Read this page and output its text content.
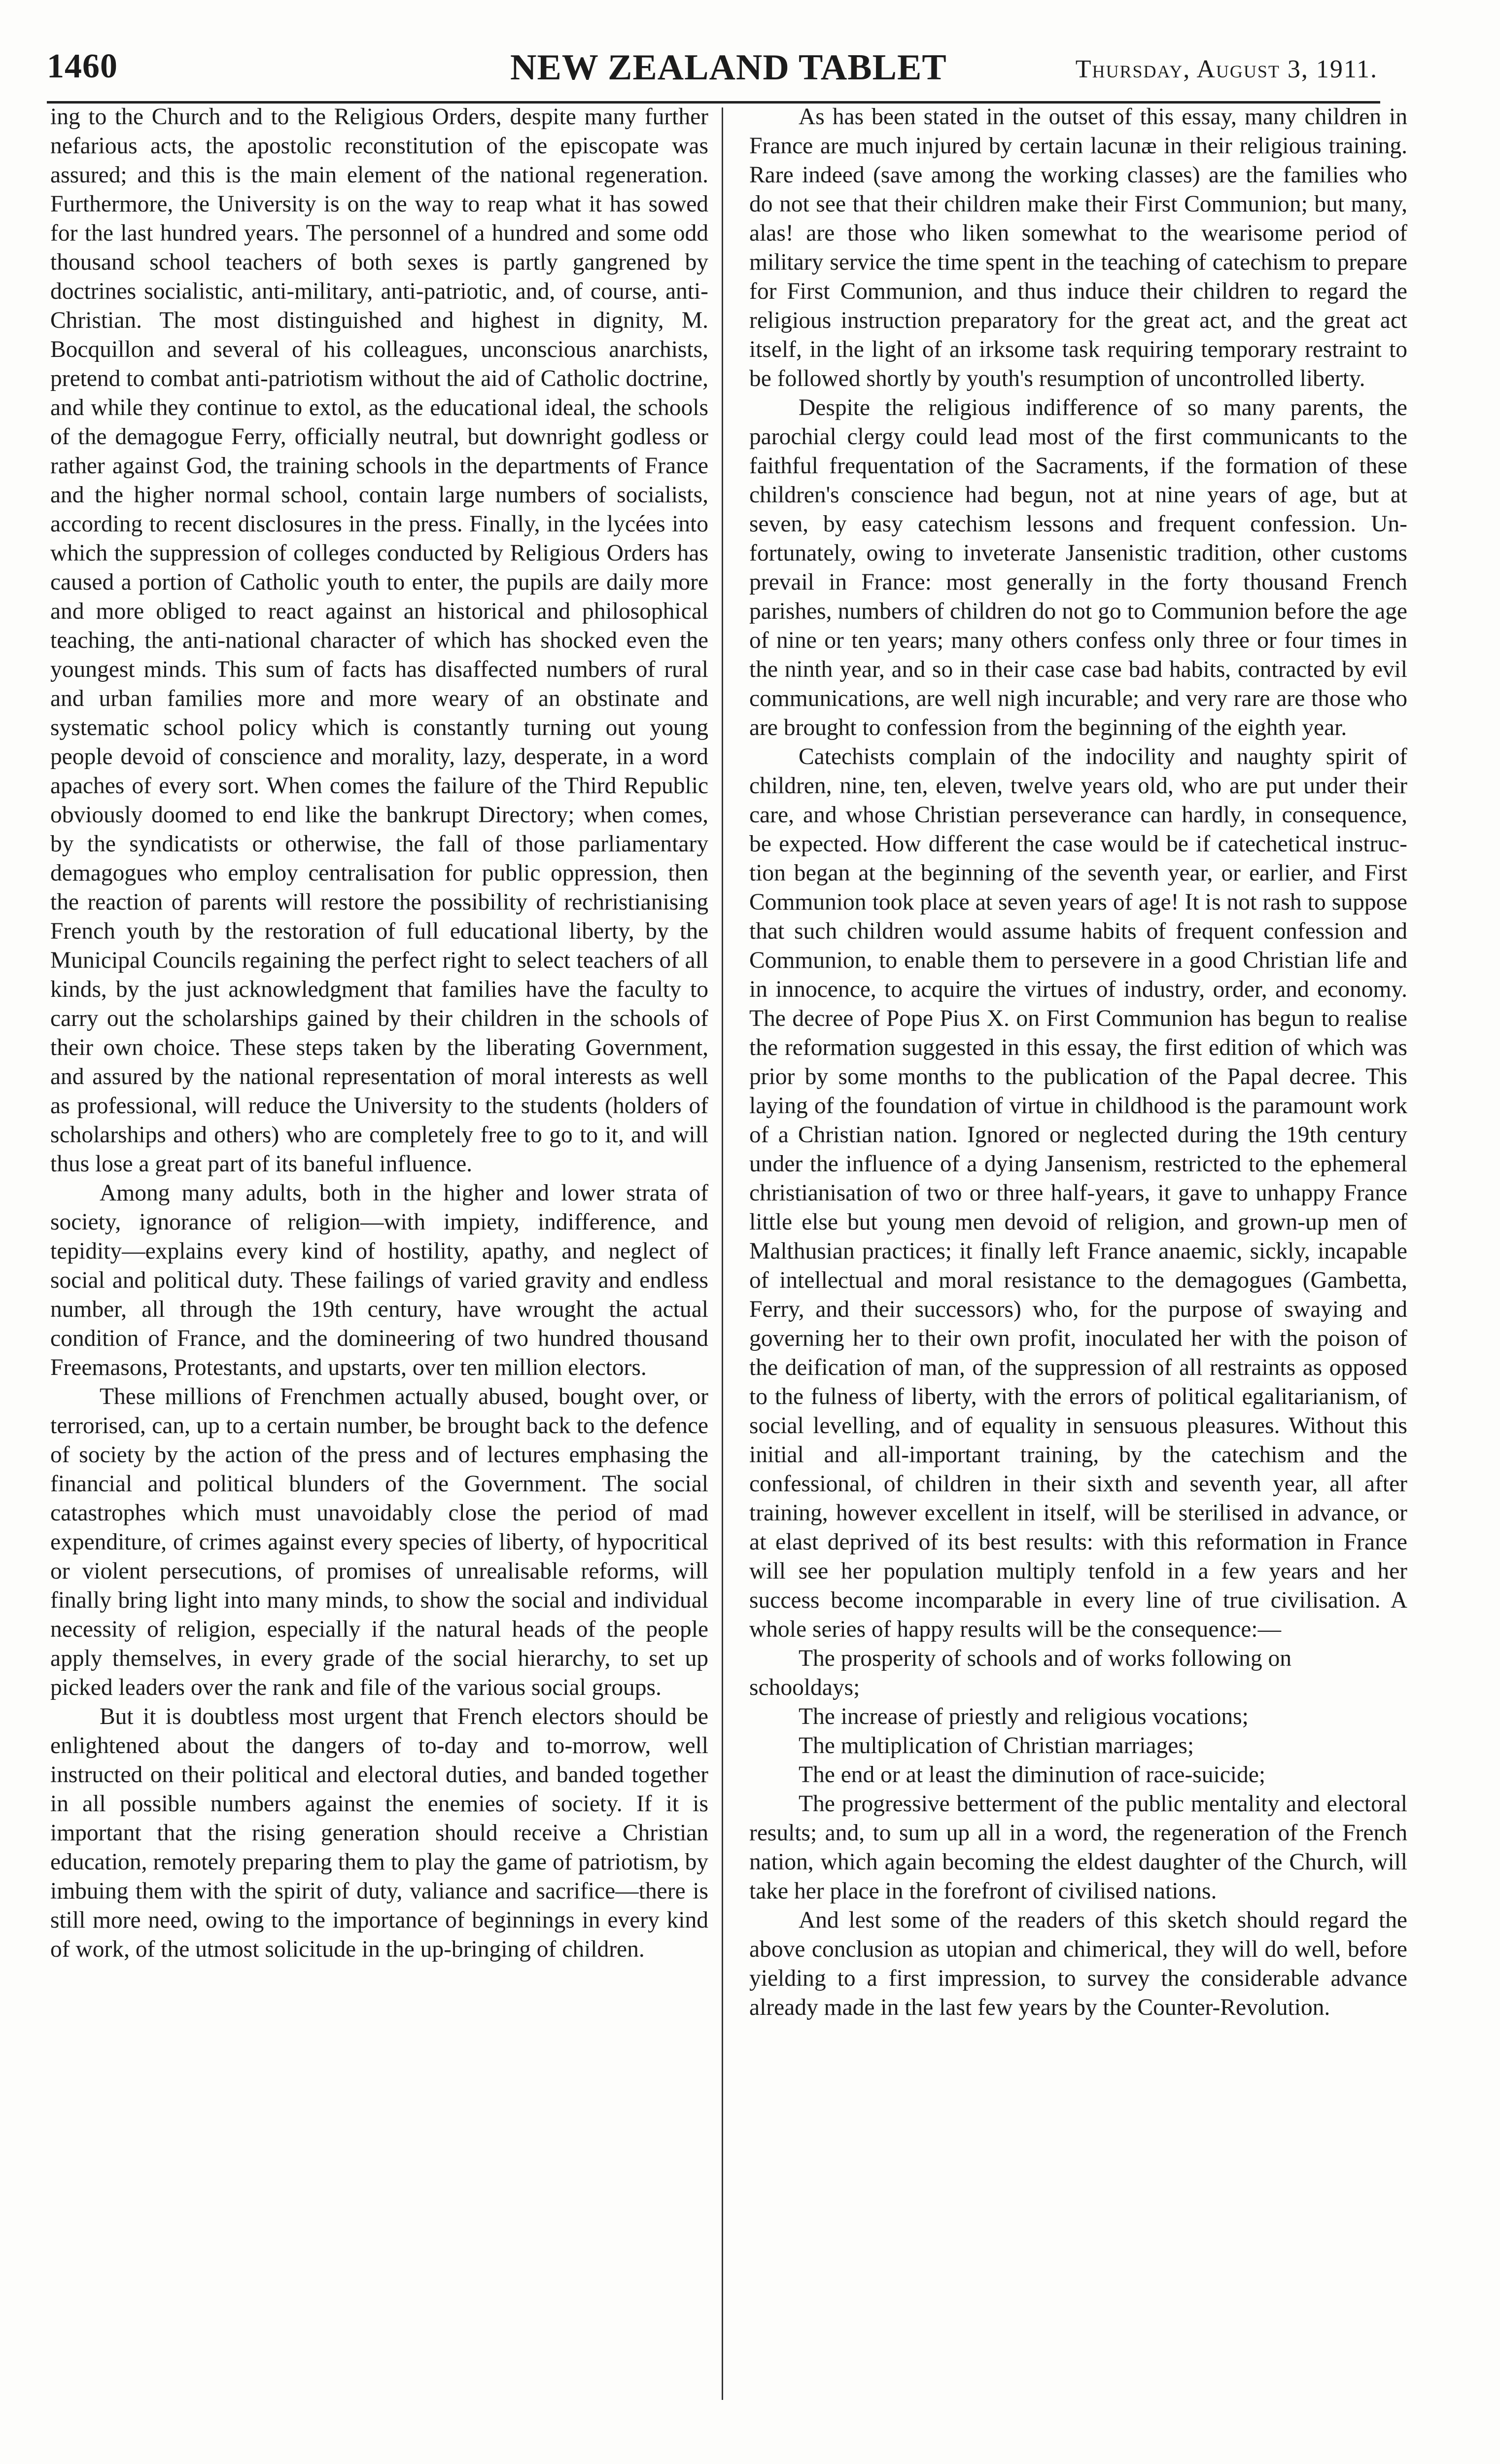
1460	NEW ZEALAND TABLET	Thursday, August 3, 1911.

ing to the Church and to the Religious Orders, despite many further nefarious acts, the apostolic reconstitution of the episcopate was assured; and this is the main element of the national regeneration. Furthermore, the University is on the way to reap what it has sowed for the last hundred years. The personnel of a hundred and some odd thousand school teachers of both sexes is partly gangrened by doctrines socialistic, anti-military, anti-patriotic, and, of course, anti-Christian. The most distinguished and highest in dignity, M. Bocquillon and several of his colleagues, unconscious anarchists, pretend to combat anti-patriotism without the aid of Catholic doctrine, and while they continue to extol, as the educational ideal, the schools of the demagogue Ferry, officially neutral, but downright godless or rather against God, the training schools in the departments of France and the higher normal school, contain large numbers of socialists, according to recent disclosures in the press. Finally, in the lycées into which the suppression of colleges conducted by Religious Orders has caused a portion of Catholic youth to enter, the pupils are daily more and more obliged to react against an historical and philosophical teaching, the anti-national character of which has shocked even the youngest minds. This sum of facts has disaffected numbers of rural and urban families more and more weary of an obstinate and systematic school policy which is constantly turning out young people devoid of conscience and morality, lazy, desperate, in a word apaches of every sort. When comes the failure of the Third Republic obviously doomed to end like the bankrupt Directory; when comes, by the syndicatists or otherwise, the fall of those parliamentary demagogues who employ centralisation for public oppression, then the reaction of parents will restore the possibility of rechristianising French youth by the restoration of full educational liberty, by the Municipal Councils regaining the perfect right to select teachers of all kinds, by the just acknowledgment that families have the faculty to carry out the scholarships gained by their children in the schools of their own choice. These steps taken by the liberating Government, and assured by the national representation of moral interests as well as professional, will reduce the University to the students (holders of scholarships and others) who are completely free to go to it, and will thus lose a great part of its baneful influence.

Among many adults, both in the higher and lower strata of society, ignorance of religion—with impiety, indifference, and tepidity—explains every kind of hostility, apathy, and neglect of social and political duty. These failings of varied gravity and endless number, all through the 19th century, have wrought the actual condition of France, and the domineering of two hundred thousand Freemasons, Protestants, and upstarts, over ten million electors.

These millions of Frenchmen actually abused, bought over, or terrorised, can, up to a certain number, be brought back to the defence of society by the action of the press and of lectures emphasing the financial and political blunders of the Government. The social catastrophes which must unavoidably close the period of mad expenditure, of crimes against every species of liberty, of hypocritical or violent persecutions, of promises of unrealisable reforms, will finally bring light into many minds, to show the social and individual necessity of religion, especially if the natural heads of the people apply themselves, in every grade of the social hierarchy, to set up picked leaders over the rank and file of the various social groups.

But it is doubtless most urgent that French electors should be enlightened about the dangers of to-day and to-morrow, well instructed on their political and electoral duties, and banded together in all possible numbers against the enemies of society. If it is important that the rising generation should receive a Christian education, remotely preparing them to play the game of patriotism, by imbuing them with the spirit of duty, valiance and sacrifice—there is still more need, owing to the importance of beginnings in every kind of work, of the utmost solicitude in the up-bringing of children.

As has been stated in the outset of this essay, many children in France are much injured by certain lacunæ in their religious training. Rare indeed (save among the working classes) are the families who do not see that their children make their First Communion; but many, alas! are those who liken somewhat to the wearisome period of military service the time spent in the teaching of catechism to prepare for First Communion, and thus induce their children to regard the religious instruction preparatory for the great act, and the great act itself, in the light of an irksome task requiring temporary restraint to be followed shortly by youth's resumption of uncontrolled liberty.

Despite the religious indifference of so many parents, the parochial clergy could lead most of the first communicants to the faithful frequentation of the Sacraments, if the formation of these children's conscience had begun, not at nine years of age, but at seven, by easy catechism lessons and frequent confession. Unfortunately, owing to inveterate Jansenistic tradition, other customs prevail in France: most generally in the forty thousand French parishes, numbers of children do not go to Communion before the age of nine or ten years; many others confess only three or four times in the ninth year, and so in their case case bad habits, contracted by evil communications, are well nigh incurable; and very rare are those who are brought to confession from the beginning of the eighth year.

Catechists complain of the indocility and naughty spirit of children, nine, ten, eleven, twelve years old, who are put under their care, and whose Christian perseverance can hardly, in consequence, be expected. How different the case would be if catechetical instruction began at the beginning of the seventh year, or earlier, and First Communion took place at seven years of age! It is not rash to suppose that such children would assume habits of frequent confession and Communion, to enable them to persevere in a good Christian life and in innocence, to acquire the virtues of industry, order, and economy. The decree of Pope Pius X. on First Communion has begun to realise the reformation suggested in this essay, the first edition of which was prior by some months to the publication of the Papal decree. This laying of the foundation of virtue in childhood is the paramount work of a Christian nation. Ignored or neglected during the 19th century under the influence of a dying Jansenism, restricted to the ephemeral christianisation of two or three half-years, it gave to unhappy France little else but young men devoid of religion, and grown-up men of Malthusian practices; it finally left France anaemic, sickly, incapable of intellectual and moral resistance to the demagogues (Gambetta, Ferry, and their successors) who, for the purpose of swaying and governing her to their own profit, inoculated her with the poison of the deification of man, of the suppression of all restraints as opposed to the fulness of liberty, with the errors of political egalitarianism, of social levelling, and of equality in sensuous pleasures. Without this initial and all-important training, by the catechism and the confessional, of children in their sixth and seventh year, all after training, however excellent in itself, will be sterilised in advance, or at elast deprived of its best results: with this reformation in France will see her population multiply tenfold in a few years and her success become incomparable in every line of true civilisation. A whole series of happy results will be the consequence:—

The prosperity of schools and of works following on schooldays;

The increase of priestly and religious vocations;

The multiplication of Christian marriages;

The end or at least the diminution of race-suicide;

The progressive betterment of the public mentality and electoral results; and, to sum up all in a word, the regeneration of the French nation, which again becoming the eldest daughter of the Church, will take her place in the forefront of civilised nations.

And lest some of the readers of this sketch should regard the above conclusion as utopian and chimerical, they will do well, before yielding to a first impression, to survey the considerable advance already made in the last few years by the Counter-Revolution.
